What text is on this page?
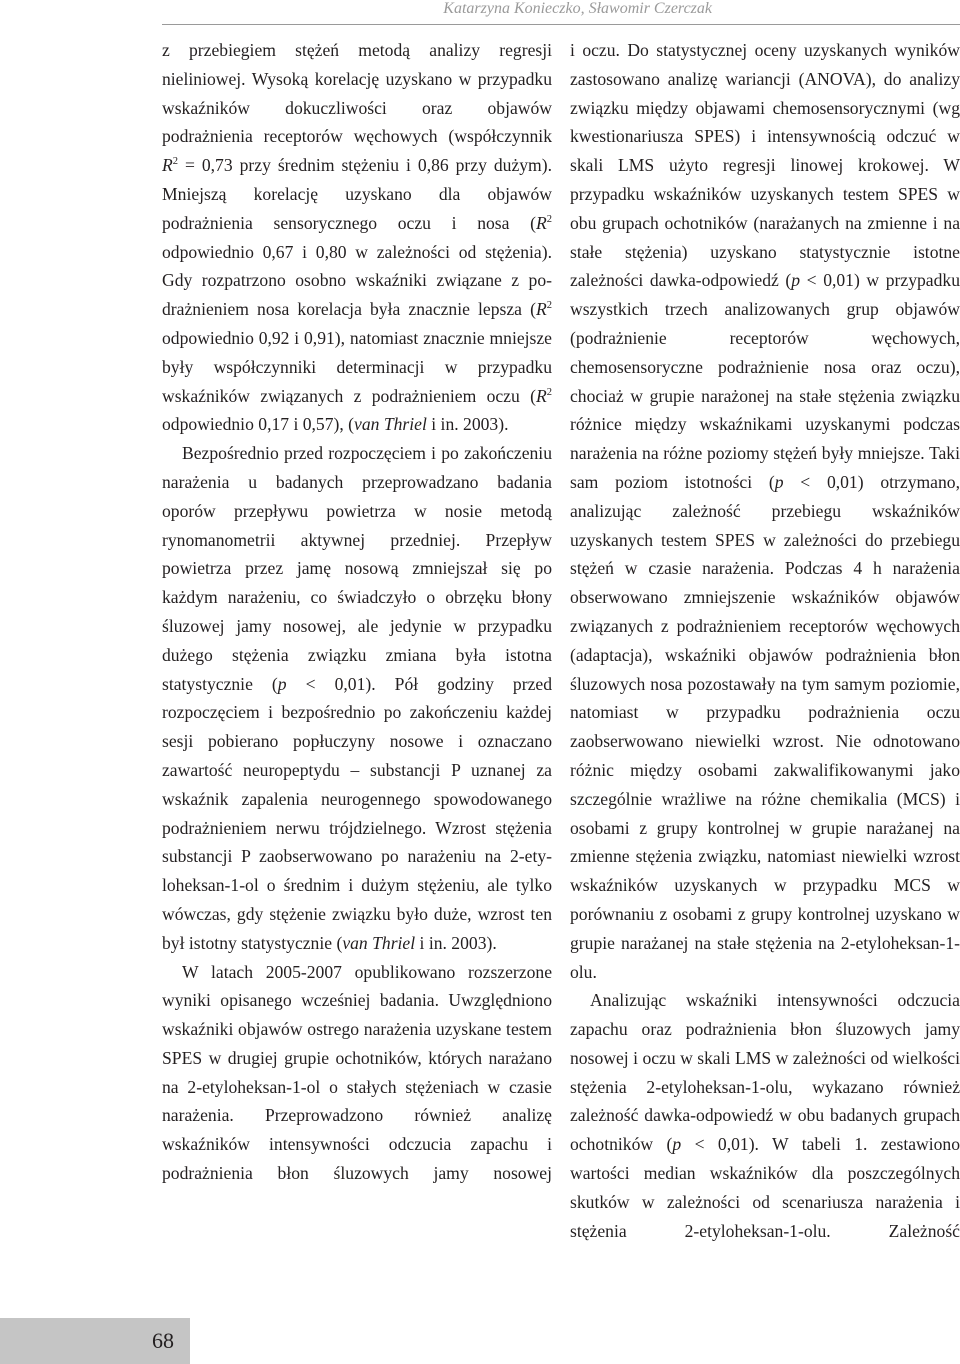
Katarzyna Konieczko, Sławomir Czerczak

z przebiegiem stężeń metodą analizy regresji nieliniowej. Wysoką korelację uzyskano w przypadku wskaźników dokuczliwości oraz objawów podrażnienia receptorów węchowych (współczynnik $R^2 = 0,73$ przy średnim stężeniu i 0,86 przy dużym). Mniejszą korelację uzyskano dla objawów podrażnienia sensorycznego oczu i nosa ($R^2$ odpowiednio 0,67 i 0,80 w zależności od stężenia). Gdy rozpatrzono osobno wskaźniki związane z podrażnieniem nosa korelacja była znacznie lepsza ($R^2$ odpowiednio 0,92 i 0,91), natomiast znacznie mniejsze były współczynniki determinacji w przypadku wskaźników związanych z podrażnieniem oczu ($R^2$ odpowiednio 0,17 i 0,57), (van Thriel i in. 2003).

Bezpośrednio przed rozpoczęciem i po zakończeniu narażenia u badanych przeprowadzano badania oporów przepływu powietrza w nosie metodą rynomanometrii aktywnej przedniej. Przepływ powietrza przez jamę nosową zmniejszał się po każdym narażeniu, co świadczyło o obrzęku błony śluzowej jamy nosowej, ale jedynie w przypadku dużego stężenia związku zmiana była istotna statystycznie (p < 0,01). Pół godziny przed rozpoczęciem i bezpośrednio po zakończeniu każdej sesji pobierano popłuczyny nosowe i oznaczano zawartość neuropeptydu – substancji P uznanej za wskaźnik zapalenia neurogennego spowodowanego podrażnieniem nerwu trójdzielnego. Wzrost stężenia substancji P zaobserwowano po narażeniu na 2-etyloheksan-1-ol o średnim i dużym stężeniu, ale tylko wówczas, gdy stężenie związku było duże, wzrost ten był istotny statystycznie (van Thriel i in. 2003).

W latach 2005-2007 opublikowano rozszerzone wyniki opisanego wcześniej badania. Uwzględniono wskaźniki objawów ostrego narażenia uzyskane testem SPES w drugiej grupie ochotników, których narażano na 2-etyloheksan-1-ol o stałych stężeniach w czasie narażenia. Przeprowadzono również analizę wskaźników intensywności odczucia zapachu i podrażnienia błon śluzowych jamy nosowej

i oczu. Do statystycznej oceny uzyskanych wyników zastosowano analizę wariancji (ANOVA), do analizy związku między objawami chemosensorycznymi (wg kwestionariusza SPES) i intensywnością odczuć w skali LMS użyto regresji linowej krokowej. W przypadku wskaźników uzyskanych testem SPES w obu grupach ochotników (narażanych na zmienne i na stałe stężenia) uzyskano statystycznie istotne zależności dawka-odpowiedź (p < 0,01) w przypadku wszystkich trzech analizowanych grup objawów (podrażnienie receptorów węchowych, chemosensoryczne podrażnienie nosa oraz oczu), chociaż w grupie narażonej na stałe stężenia związku różnice między wskaźnikami uzyskanymi podczas narażenia na różne poziomy stężeń były mniejsze. Taki sam poziom istotności (p < 0,01) otrzymano, analizując zależność przebiegu wskaźników uzyskanych testem SPES w zależności do przebiegu stężeń w czasie narażenia. Podczas 4 h narażenia obserwowano zmniejszenie wskaźników objawów związanych z podrażnieniem receptorów węchowych (adaptacja), wskaźniki objawów podrażnienia błon śluzowych nosa pozostawały na tym samym poziomie, natomiast w przypadku podrażnienia oczu zaobserwowano niewielki wzrost. Nie odnotowano różnic między osobami zakwalifikowanymi jako szczególnie wrażliwe na różne chemikalia (MCS) i osobami z grupy kontrolnej w grupie narażanej na zmienne stężenia związku, natomiast niewielki wzrost wskaźników uzyskanych w przypadku MCS w porównaniu z osobami z grupy kontrolnej uzyskano w grupie narażanej na stałe stężenia na 2-etyloheksan-1-olu.

Analizując wskaźniki intensywności odczucia zapachu oraz podrażnienia błon śluzowych jamy nosowej i oczu w skali LMS w zależności od wielkości stężenia 2-etyloheksan-1-olu, wykazano również zależność dawka-odpowiedź w obu badanych grupach ochotników (p < 0,01). W tabeli 1. zestawiono wartości median wskaźników dla poszczególnych skutków w zależności od scenariusza narażenia i stężenia 2-etyloheksan-1-olu. Zależność

68
